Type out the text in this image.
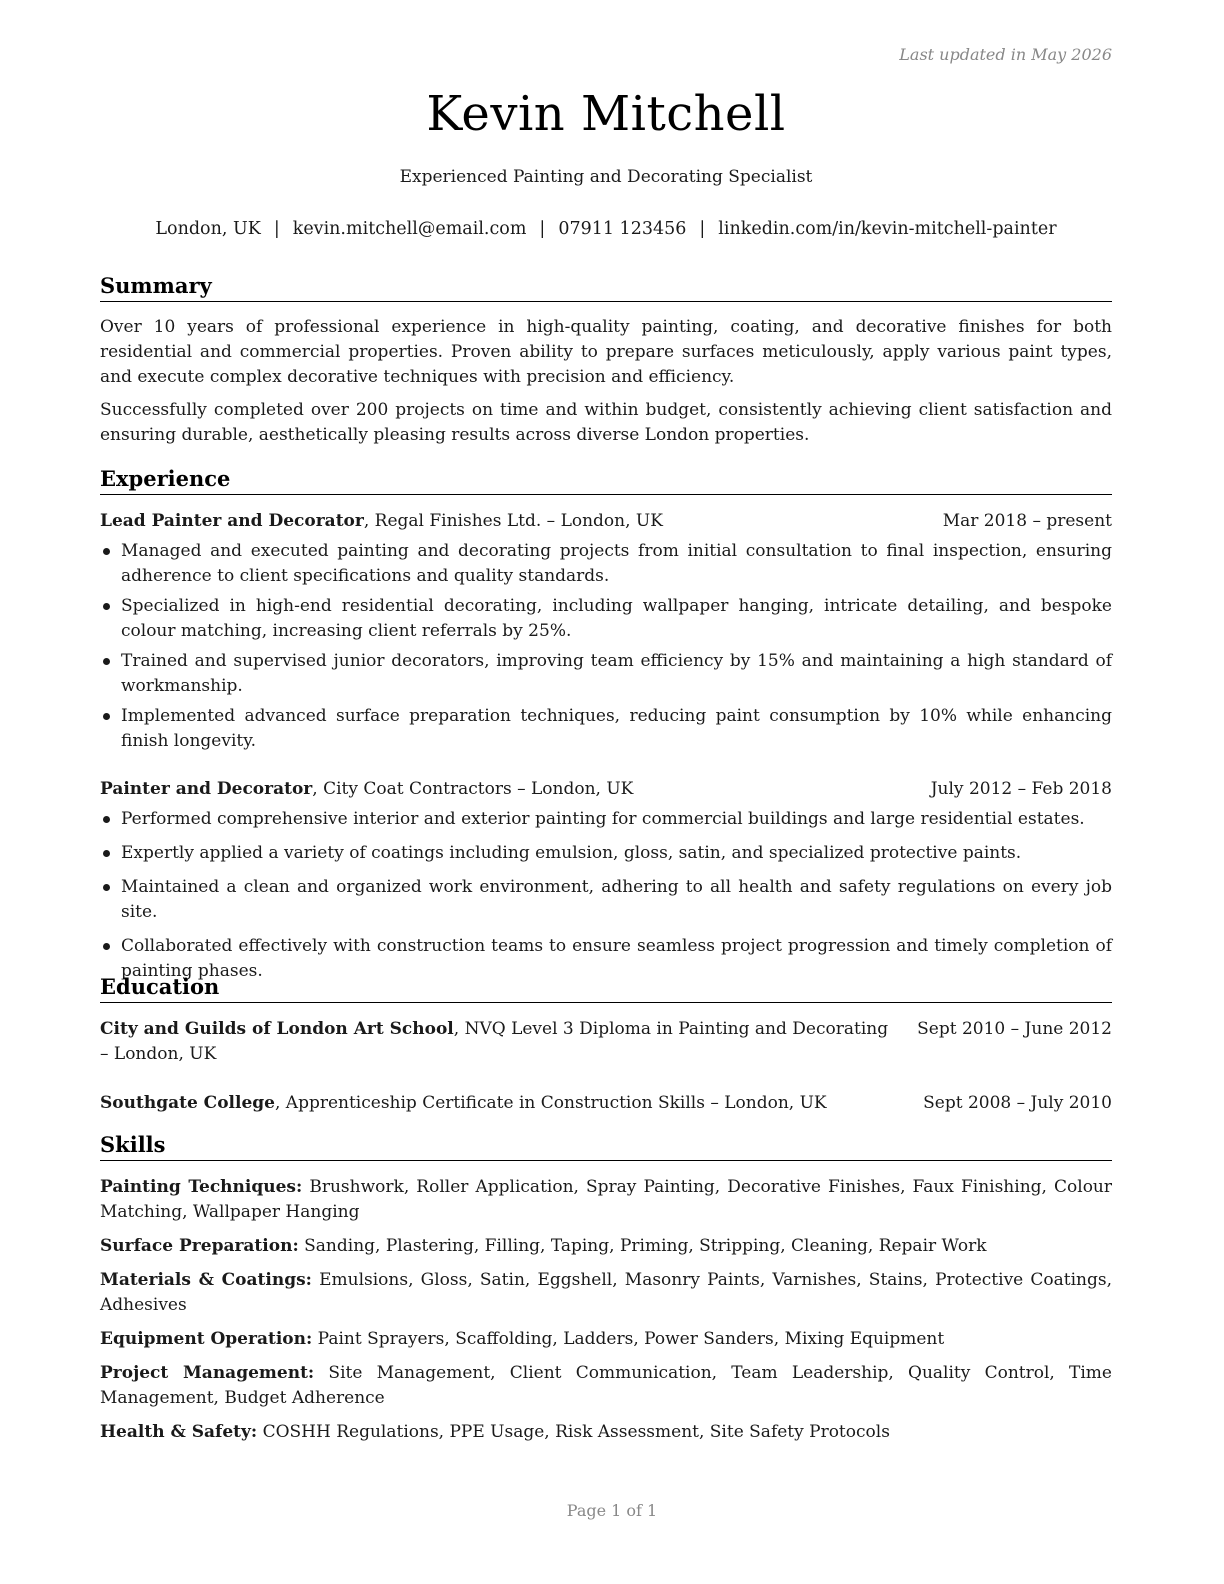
Last updated in May 2026
Kevin Mitchell
Experienced Painting and Decorating Specialist
London, UK | kevin.mitchell@email.com | 07911 123456 | linkedin.com/in/kevin-mitchell-painter
Summary

Over 10 years of professional experience in high-quality painting, coating, and decorative finishes for both residential and commercial properties. Proven ability to prepare surfaces meticulously, apply various paint types, and execute complex decorative techniques with precision and efficiency.

Successfully completed over 200 projects on time and within budget, consistently achieving client satisfaction and ensuring durable, aesthetically pleasing results across diverse London properties.

Experience
Lead Painter and Decorator, Regal Finishes Ltd. – London, UK	Mar 2018 – present
Managed and executed painting and decorating projects from initial consultation to final inspection, ensuring adherence to client specifications and quality standards.
Specialized in high-end residential decorating, including wallpaper hanging, intricate detailing, and bespoke colour matching, increasing client referrals by 25%.
Trained and supervised junior decorators, improving team efficiency by 15% and maintaining a high standard of workmanship.
Implemented advanced surface preparation techniques, reducing paint consumption by 10% while enhancing finish longevity.
Painter and Decorator, City Coat Contractors – London, UK	July 2012 – Feb 2018
Performed comprehensive interior and exterior painting for commercial buildings and large residential estates.
Expertly applied a variety of coatings including emulsion, gloss, satin, and specialized protective paints.
Maintained a clean and organized work environment, adhering to all health and safety regulations on every job site.
Collaborated effectively with construction teams to ensure seamless project progression and timely completion of painting phases.
Education
City and Guilds of London Art School, NVQ Level 3 Diploma in Painting and Decorating – London, UK
Sept 2010 – June 2012
Southgate College, Apprenticeship Certificate in Construction Skills – London, UK	Sept 2008 – July 2010
Skills

Painting Techniques: Brushwork, Roller Application, Spray Painting, Decorative Finishes, Faux Finishing, Colour Matching, Wallpaper Hanging

Surface Preparation: Sanding, Plastering, Filling, Taping, Priming, Stripping, Cleaning, Repair Work

Materials & Coatings: Emulsions, Gloss, Satin, Eggshell, Masonry Paints, Varnishes, Stains, Protective Coatings, Adhesives

Equipment Operation: Paint Sprayers, Scaffolding, Ladders, Power Sanders, Mixing Equipment

Project Management: Site Management, Client Communication, Team Leadership, Quality Control, Time Management, Budget Adherence

Health & Safety: COSHH Regulations, PPE Usage, Risk Assessment, Site Safety Protocols

Page 1 of 1
